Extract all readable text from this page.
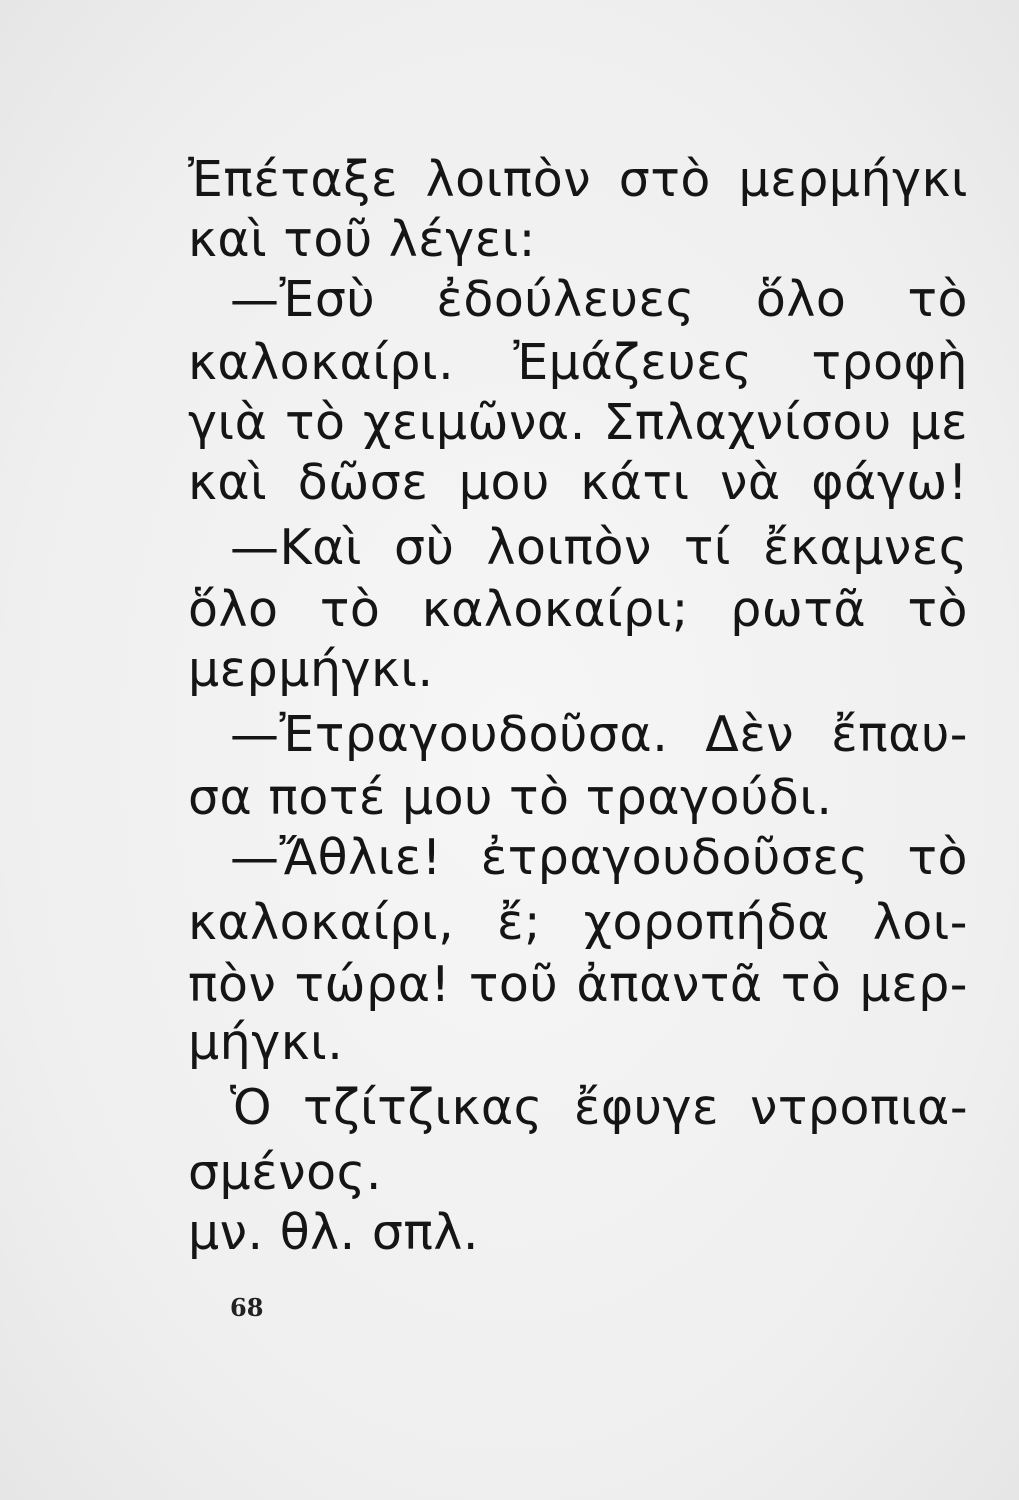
Ἐπέταξε λοιπὸν στὸ μερμήγκι
καὶ τοῦ λέγει:
—Ἐσὺ ἐδούλευες ὅλο τὸ
καλοκαίρι. Ἐμάζευες τροφὴ
γιὰ τὸ χειμῶνα. Σπλαχνίσου με
καὶ δῶσε μου κάτι νὰ φάγω!
—Καὶ σὺ λοιπὸν τί ἔκαμνες
ὅλο τὸ καλοκαίρι; ρωτᾶ τὸ
μερμήγκι.
—Ἐτραγουδοῦσα. Δὲν ἔπαυ-
σα ποτέ μου τὸ τραγούδι.
—Ἄθλιε! ἐτραγουδοῦσες τὸ
καλοκαίρι, ἔ; χοροπήδα λοι-
πὸν τώρα! τοῦ ἀπαντᾶ τὸ μερ-
μήγκι.
Ὁ τζίτζικας ἔφυγε ντροπια-
σμένος.
μν. θλ. σπλ.
68
